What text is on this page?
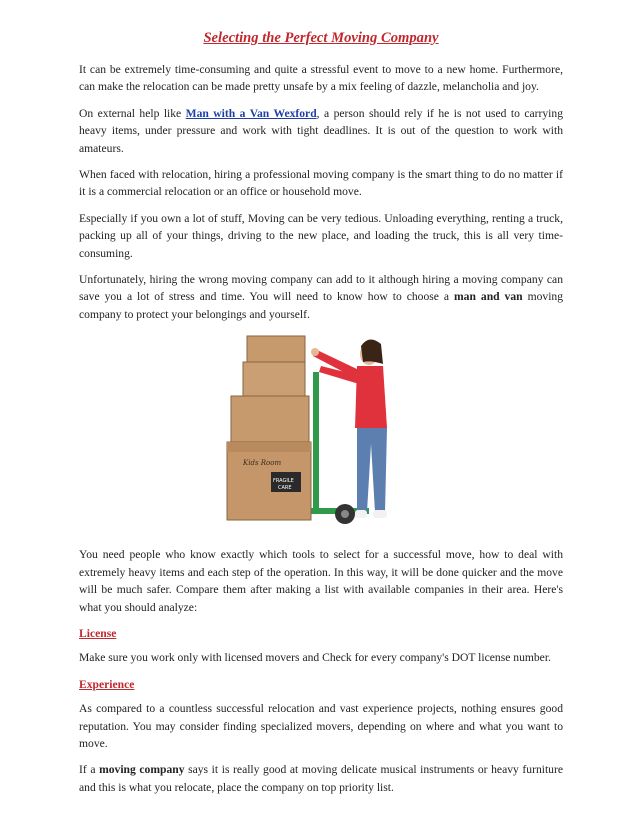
Selecting the Perfect Moving Company

It can be extremely time-consuming and quite a stressful event to move to a new home. Furthermore, can make the relocation can be made pretty unsafe by a mix feeling of dazzle, melancholia and joy.

On external help like Man with a Van Wexford, a person should rely if he is not used to carrying heavy items, under pressure and work with tight deadlines. It is out of the question to work with amateurs.

When faced with relocation, hiring a professional moving company is the smart thing to do no matter if it is a commercial relocation or an office or household move.

Especially if you own a lot of stuff, Moving can be very tedious. Unloading everything, renting a truck, packing up all of your things, driving to the new place, and loading the truck, this is all very time-consuming.

Unfortunately, hiring the wrong moving company can add to it although hiring a moving company can save you a lot of stress and time. You will need to know how to choose a man and van moving company to protect your belongings and yourself.

Kids Room
FRAGILE
CARE

You need people who know exactly which tools to select for a successful move, how to deal with extremely heavy items and each step of the operation. In this way, it will be done quicker and the move will be much safer. Compare them after making a list with available companies in their area. Here's what you should analyze:

License

Make sure you work only with licensed movers and Check for every company's DOT license number.

Experience

As compared to a countless successful relocation and vast experience projects, nothing ensures good reputation. You may consider finding specialized movers, depending on where and what you want to move.

If a moving company says it is really good at moving delicate musical instruments or heavy furniture and this is what you relocate, place the company on top priority list.
